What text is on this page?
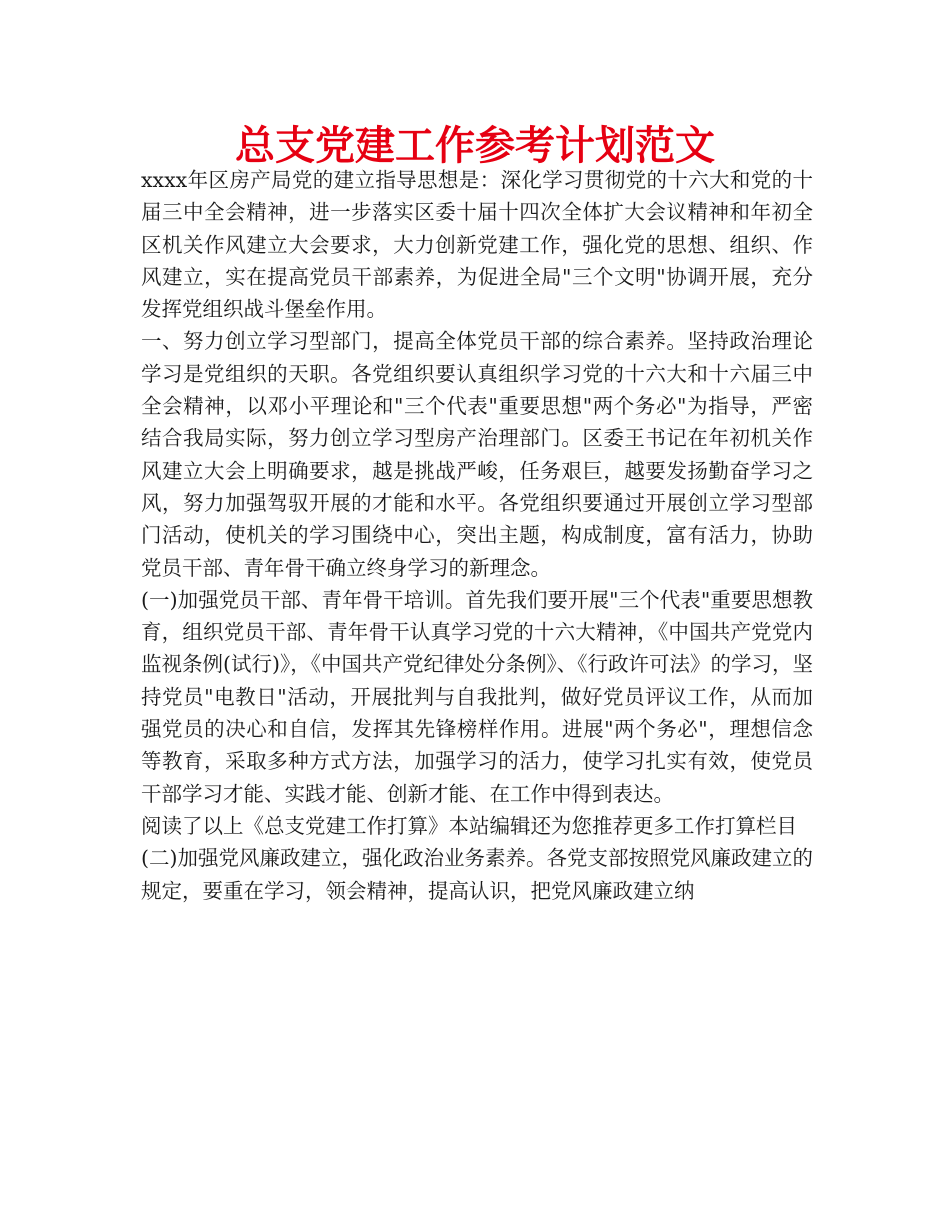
总支党建工作参考计划范文

xxxx年区房产局党的建立指导思想是：深化学习贯彻党的十六大和党的十届三中全会精神，进一步落实区委十届十四次全体扩大会议精神和年初全区机关作风建立大会要求，大力创新党建工作，强化党的思想、组织、作风建立，实在提高党员干部素养，为促进全局"三个文明"协调开展，充分发挥党组织战斗堡垒作用。

一、努力创立学习型部门，提高全体党员干部的综合素养。坚持政治理论学习是党组织的天职。各党组织要认真组织学习党的十六大和十六届三中全会精神，以邓小平理论和"三个代表"重要思想"两个务必"为指导，严密结合我局实际，努力创立学习型房产治理部门。区委王书记在年初机关作风建立大会上明确要求，越是挑战严峻，任务艰巨，越要发扬勤奋学习之风，努力加强驾驭开展的才能和水平。各党组织要通过开展创立学习型部门活动，使机关的学习围绕中心，突出主题，构成制度，富有活力，协助党员干部、青年骨干确立终身学习的新理念。

(一)加强党员干部、青年骨干培训。首先我们要开展"三个代表"重要思想教育，组织党员干部、青年骨干认真学习党的十六大精神，《中国共产党党内监视条例(试行)》，《中国共产党纪律处分条例》、《行政许可法》的学习，坚持党员"电教日"活动，开展批判与自我批判，做好党员评议工作，从而加强党员的决心和自信，发挥其先锋榜样作用。进展"两个务必"，理想信念等教育，采取多种方式方法，加强学习的活力，使学习扎实有效，使党员干部学习才能、实践才能、创新才能、在工作中得到表达。

阅读了以上《总支党建工作打算》本站编辑还为您推荐更多工作打算栏目

(二)加强党风廉政建立，强化政治业务素养。各党支部按照党风廉政建立的规定，要重在学习，领会精神，提高认识，把党风廉政建立纳
